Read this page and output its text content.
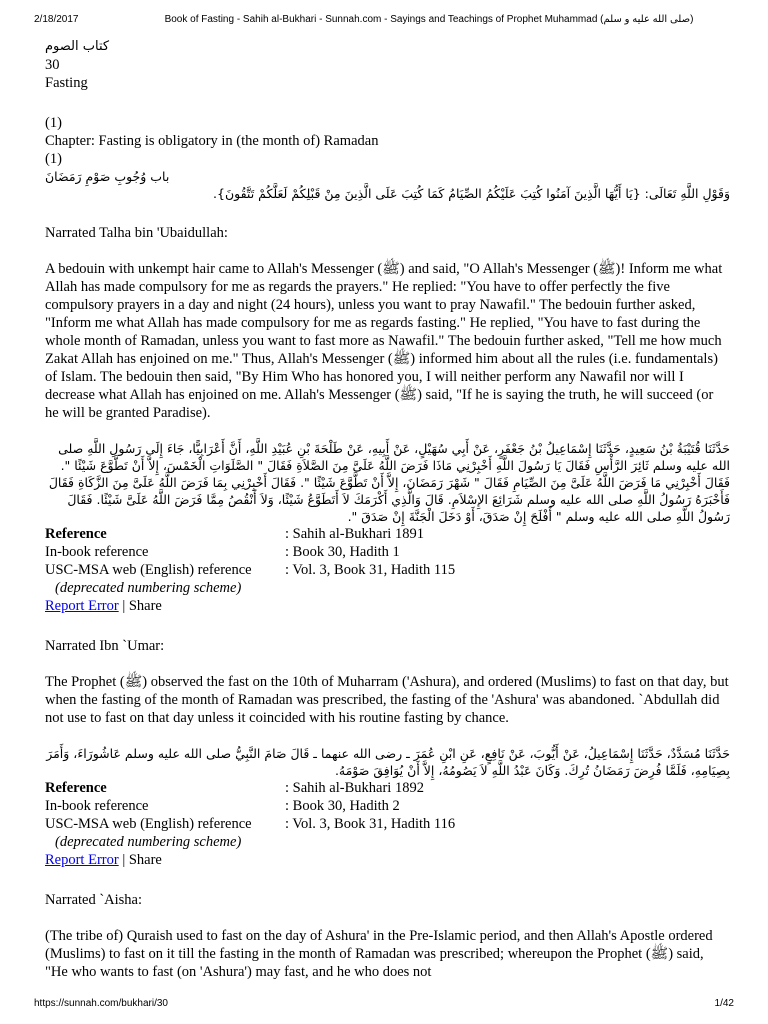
2/18/2017	Book of Fasting - Sahih al-Bukhari - Sunnah.com - Sayings and Teachings of Prophet Muhammad (صلى الله عليه و سلم)
كتاب الصوم
30
Fasting
(1)
Chapter: Fasting is obligatory in (the month of) Ramadan
(1)
باب وُجُوبِ صَوْمِ رَمَضَانَ
وَقَوْلِ اللَّهِ تَعَالَى: {يَا أَيُّهَا الَّذِينَ آمَنُوا كُتِبَ عَلَيْكُمُ الصِّيَامُ كَمَا كُتِبَ عَلَى الَّذِينَ مِنْ قَبْلِكُمْ لَعَلَّكُمْ تَتَّقُونَ}.
Narrated Talha bin 'Ubaidullah:

A bedouin with unkempt hair came to Allah's Messenger (ﷺ) and said, "O Allah's Messenger (ﷺ)! Inform me what Allah has made compulsory for me as regards the prayers." He replied: "You have to offer perfectly the five compulsory prayers in a day and night (24 hours), unless you want to pray Nawafil." The bedouin further asked, "Inform me what Allah has made compulsory for me as regards fasting." He replied, "You have to fast during the whole month of Ramadan, unless you want to fast more as Nawafil." The bedouin further asked, "Tell me how much Zakat Allah has enjoined on me." Thus, Allah's Messenger (ﷺ) informed him about all the rules (i.e. fundamentals) of Islam. The bedouin then said, "By Him Who has honored you, I will neither perform any Nawafil nor will I decrease what Allah has enjoined on me. Allah's Messenger (ﷺ) said, "If he is saying the truth, he will succeed (or he will be granted Paradise).

حَدَّثَنَا قُتَيْبَةُ بْنُ سَعِيدٍ، حَدَّثَنَا إِسْمَاعِيلُ بْنُ جَعْفَرٍ، عَنْ أَبِي سُهَيْلٍ، عَنْ أَبِيهِ، عَنْ طَلْحَةَ بْنِ عُبَيْدِ اللَّهِ، أَنَّ أَعْرَابِيًّا، جَاءَ إِلَى رَسُولِ اللَّهِ صلى الله عليه وسلم ثَائِرَ الرَّأْسِ فَقَالَ يَا رَسُولَ اللَّهِ أَخْبِرْنِي مَاذَا فَرَضَ اللَّهُ عَلَىَّ مِنَ الصَّلاَةِ فَقَالَ ‏"‏ الصَّلَوَاتِ الْخَمْسَ، إِلاَّ أَنْ تَطَّوَّعَ شَيْئًا ‏"‏‏.‏ فَقَالَ أَخْبِرْنِي مَا فَرَضَ اللَّهُ عَلَىَّ مِنَ الصِّيَامِ فَقَالَ ‏"‏ شَهْرَ رَمَضَانَ، إِلاَّ أَنْ تَطَّوَّعَ شَيْئًا ‏"‏‏.‏ فَقَالَ أَخْبِرْنِي بِمَا فَرَضَ اللَّهُ عَلَىَّ مِنَ الزَّكَاةِ فَقَالَ فَأَخْبَرَهُ رَسُولُ اللَّهِ صلى الله عليه وسلم شَرَائِعَ الإِسْلاَمِ‏.‏ قَالَ وَالَّذِي أَكْرَمَكَ لاَ أَتَطَوَّعُ شَيْئًا، وَلاَ أَنْقُصُ مِمَّا فَرَضَ اللَّهُ عَلَىَّ شَيْئًا‏.‏ فَقَالَ رَسُولُ اللَّهِ صلى الله عليه وسلم ‏"‏ أَفْلَحَ إِنْ صَدَقَ، أَوْ دَخَلَ الْجَنَّةَ إِنْ صَدَقَ ‏"‏‏.‏
Reference	: Sahih al-Bukhari 1891
In-book reference	: Book 30, Hadith 1
USC-MSA web (English) reference	: Vol. 3, Book 31, Hadith 115
(deprecated numbering scheme)
Report Error | Share
Narrated Ibn `Umar:

The Prophet (ﷺ) observed the fast on the 10th of Muharram ('Ashura), and ordered (Muslims) to fast on that day, but when the fasting of the month of Ramadan was prescribed, the fasting of the 'Ashura' was abandoned. `Abdullah did not use to fast on that day unless it coincided with his routine fasting by chance.

حَدَّثَنَا مُسَدَّدٌ، حَدَّثَنَا إِسْمَاعِيلُ، عَنْ أَيُّوبَ، عَنْ نَافِعٍ، عَنِ ابْنِ عُمَرَ ـ رضى الله عنهما ـ قَالَ صَامَ النَّبِيُّ صلى الله عليه وسلم عَاشُورَاءَ، وَأَمَرَ بِصِيَامِهِ، فَلَمَّا فُرِضَ رَمَضَانُ تُرِكَ‏.‏ وَكَانَ عَبْدُ اللَّهِ لاَ يَصُومُهُ، إِلاَّ أَنْ يُوَافِقَ صَوْمَهُ‏.‏
Reference	: Sahih al-Bukhari 1892
In-book reference	: Book 30, Hadith 2
USC-MSA web (English) reference	: Vol. 3, Book 31, Hadith 116
(deprecated numbering scheme)
Report Error | Share
Narrated `Aisha:

(The tribe of) Quraish used to fast on the day of Ashura' in the Pre-Islamic period, and then Allah's Apostle ordered (Muslims) to fast on it till the fasting in the month of Ramadan was prescribed; whereupon the Prophet (ﷺ) said, "He who wants to fast (on 'Ashura') may fast, and he who does not

https://sunnah.com/bukhari/30	1/42
